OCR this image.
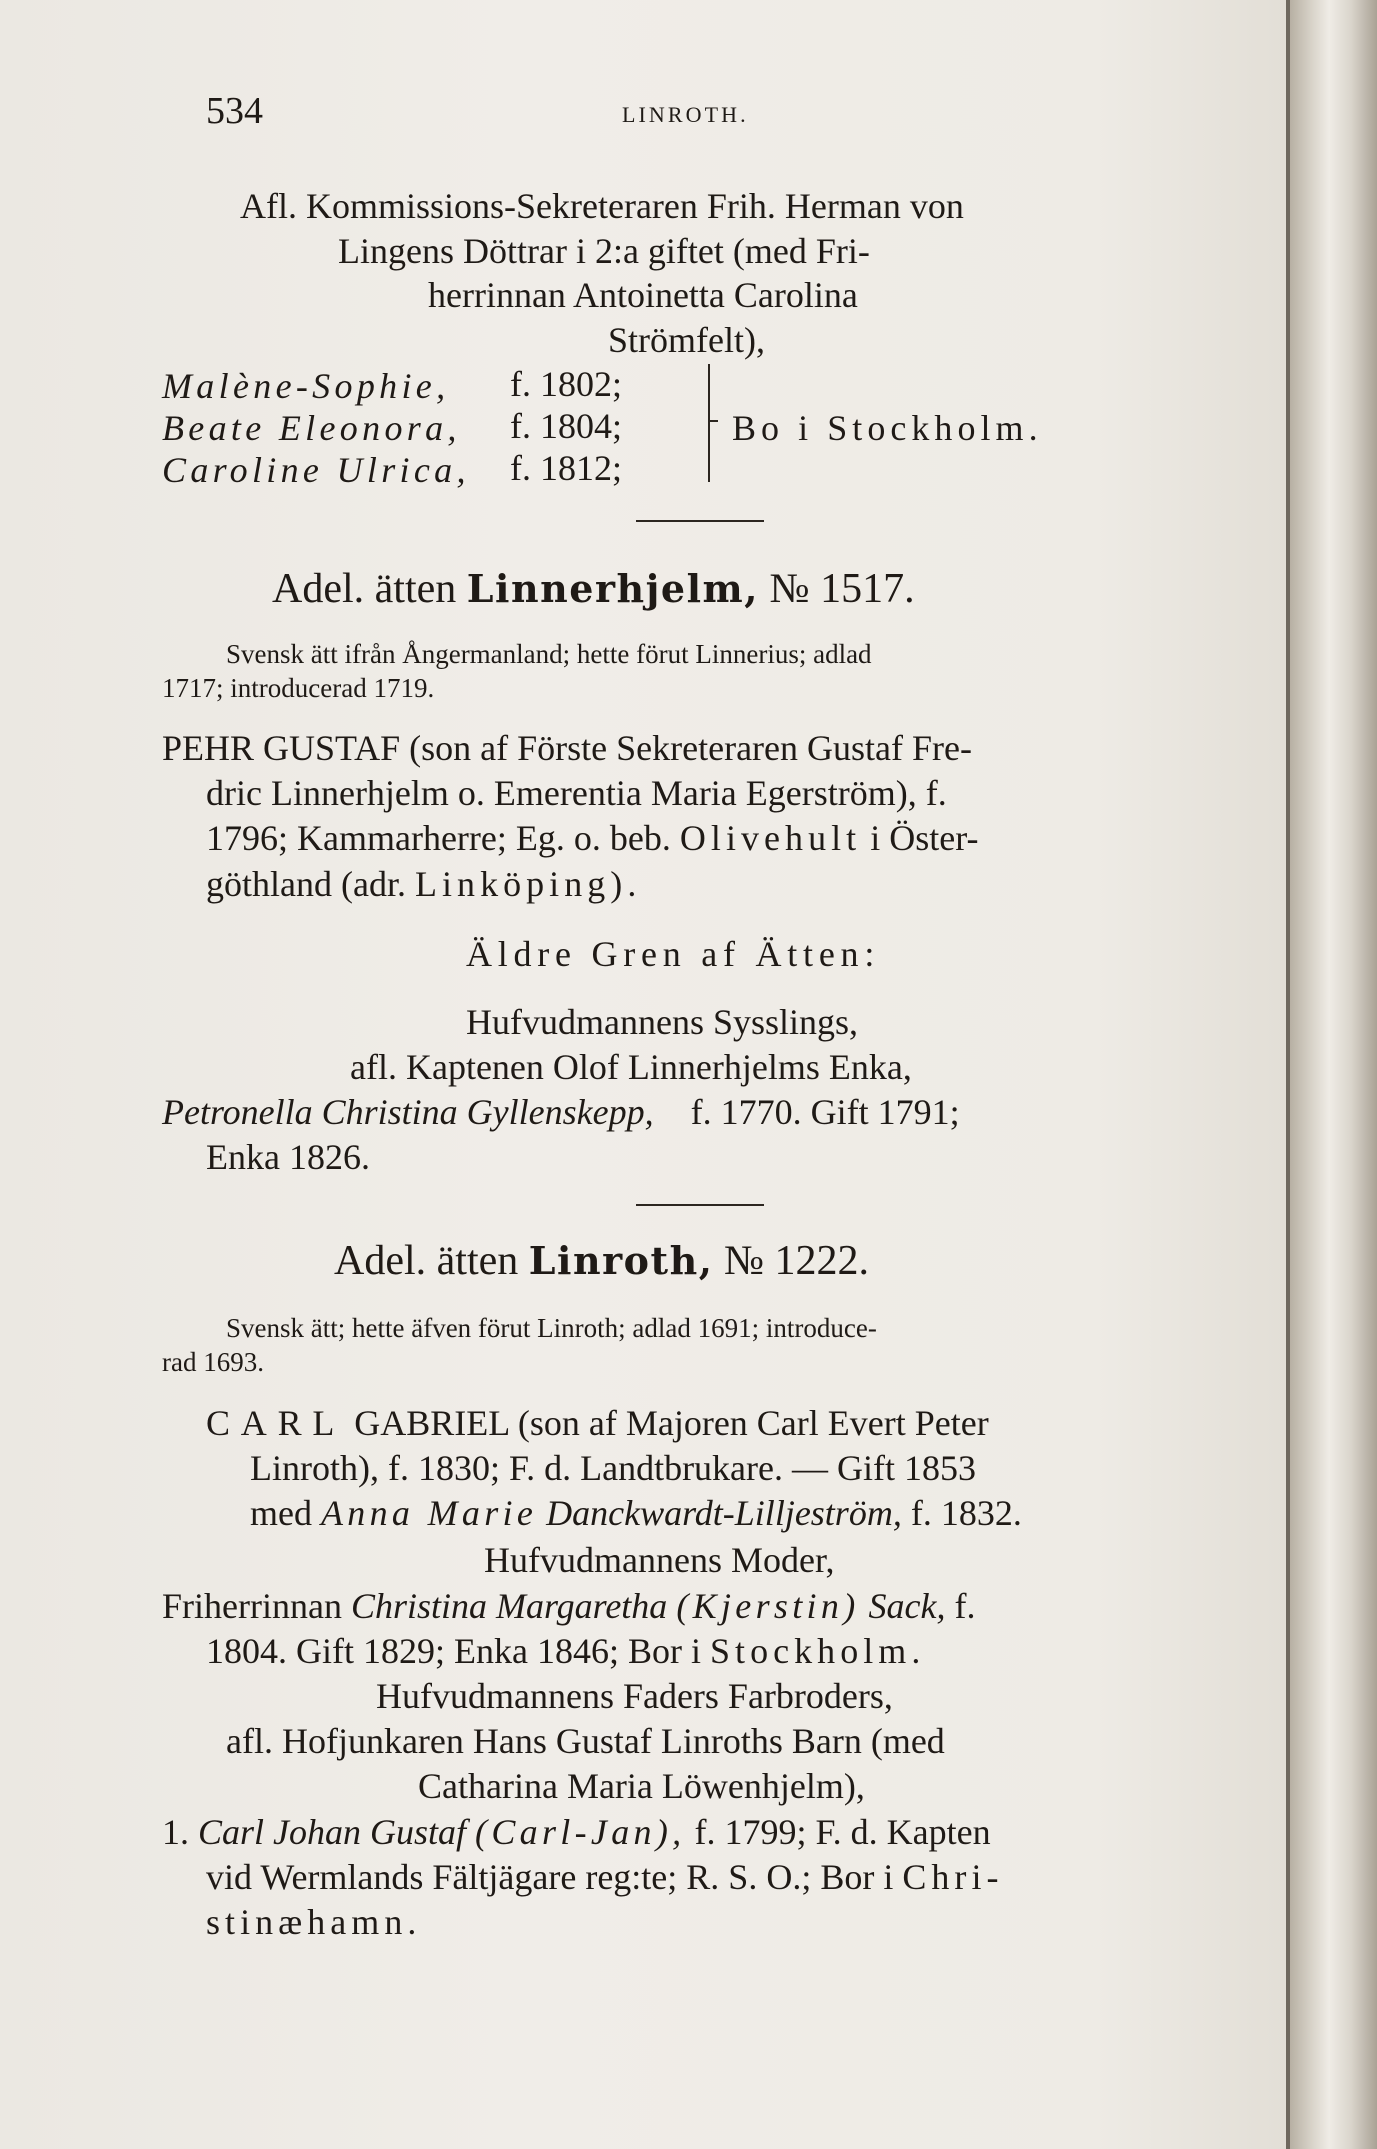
534	LINROTH.
Afl. Kommissions-Sekreteraren Frih. Herman von
Lingens Döttrar i 2:a giftet (med Fri-
herrinnan Antoinetta Carolina
Strömfelt),
Malène-Sophie, f. 1802;
Beate Eleonora, f. 1804;
Caroline Ulrica, f. 1812;
Bo i Stockholm.
Adel. ätten Linnerhjelm, № 1517.
Svensk ätt ifrån Ångermanland; hette förut Linnerius; adlad
1717; introducerad 1719.
PEHR GUSTAF (son af Förste Sekreteraren Gustaf Fre-
dric Linnerhjelm o. Emerentia Maria Egerström), f.
1796; Kammarherre; Eg. o. beb. Olivehult i Öster-
göthland (adr. Linköping).
Äldre Gren af Ätten:
Hufvudmannens Sysslings,
afl. Kaptenen Olof Linnerhjelms Enka,
Petronella Christina Gyllenskepp, f. 1770. Gift 1791;
Enka 1826.
Adel. ätten Linroth, № 1222.
Svensk ätt; hette äfven förut Linroth; adlad 1691; introduce-
rad 1693.
CARL GABRIEL (son af Majoren Carl Evert Peter
Linroth), f. 1830; F. d. Landtbrukare. — Gift 1853
med Anna Marie Danckwardt-Lilljeström, f. 1832.
Hufvudmannens Moder,
Friherrinnan Christina Margaretha (Kjerstin) Sack, f.
1804. Gift 1829; Enka 1846; Bor i Stockholm.
Hufvudmannens Faders Farbroders,
afl. Hofjunkaren Hans Gustaf Linroths Barn (med
Catharina Maria Löwenhjelm),
1. Carl Johan Gustaf (Carl-Jan), f. 1799; F. d. Kapten
vid Wermlands Fältjägare reg:te; R. S. O.; Bor i Chri-
stinæhamn.
